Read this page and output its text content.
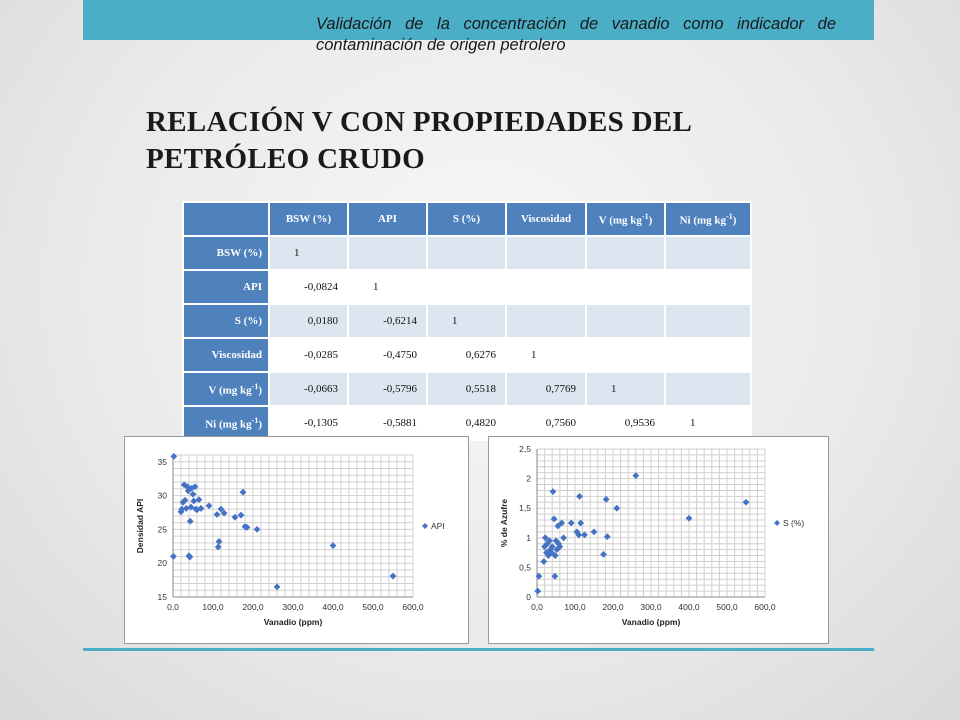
Validación de la concentración de vanadio como indicador de contaminación de origen petrolero
RELACIÓN V CON PROPIEDADES DEL PETRÓLEO CRUDO
	BSW (%)	API	S (%)	Viscosidad	V (mg $kg^{-1}$)	Ni (mg $kg^{-1}$)
BSW (%)	1					
API	-0,0824	1				
S (%)	0,0180	-0,6214	1			
Viscosidad	-0,0285	-0,4750	0,6276	1		
V (mg $kg^{-1}$)	-0,0663	-0,5796	0,5518	0,7769	1	
Ni (mg $kg^{-1}$)	-0,1305	-0,5881	0,4820	0,7560	0,9536	1
0,0	100,0 200,0 300,0 400,0 500,0 600,0
15
20
25
30
35
Vanadio (ppm)
Densidad API	API
0,0	100,0 200,0 300,0 400,0 500,0 600,0
0
0,5
1
1,5
2
2,5
Vanadio (ppm)
% de Azufre	S (%)
